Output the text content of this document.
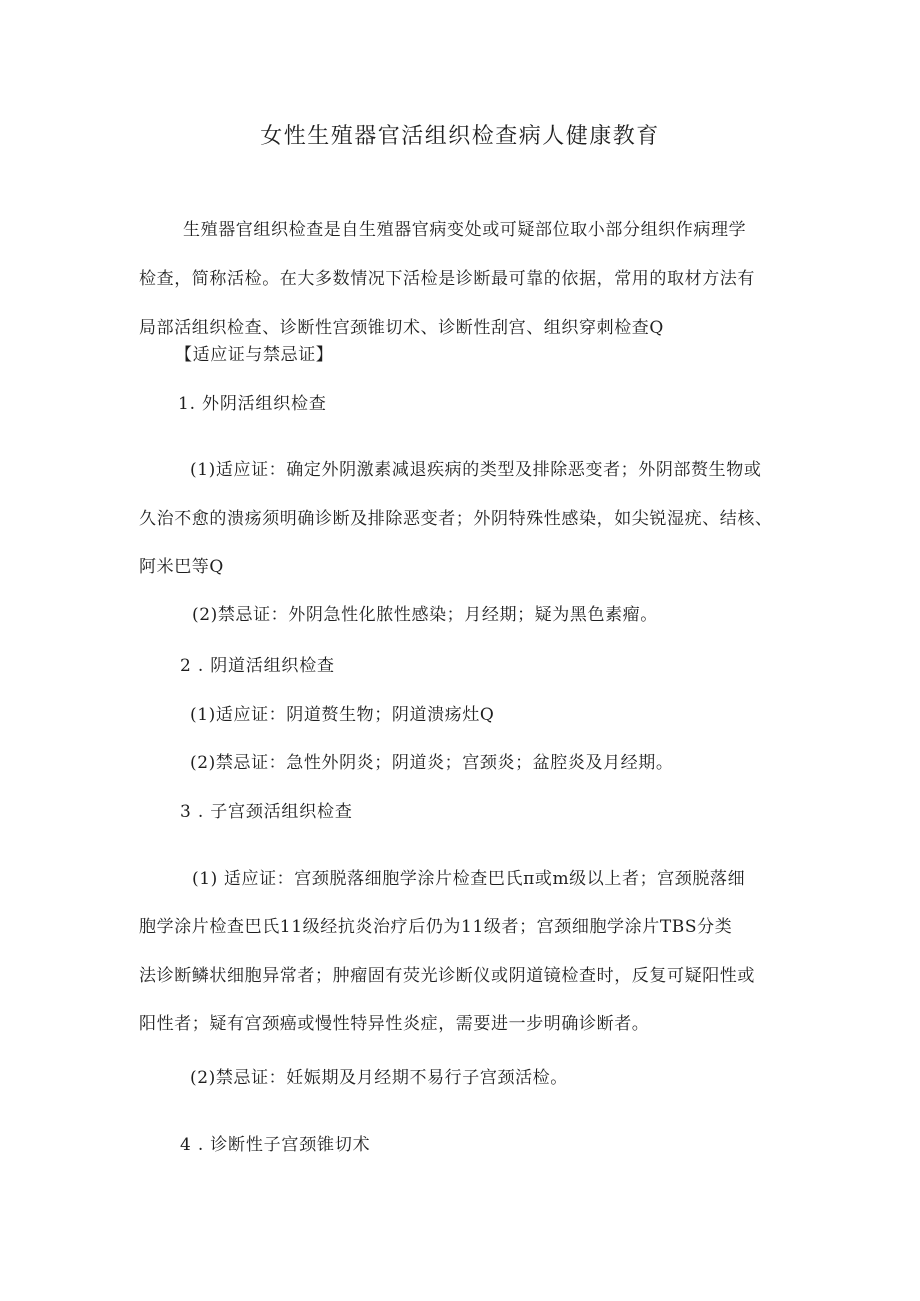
女性生殖器官活组织检查病人健康教育

生殖器官组织检查是自生殖器官病变处或可疑部位取小部分组织作病理学

检查，简称活检。在大多数情况下活检是诊断最可靠的依据，常用的取材方法有

局部活组织检查、诊断性宫颈锥切术、诊断性刮宫、组织穿刺检查Q

【适应证与禁忌证】

1. 外阴活组织检查

(1)适应证：确定外阴激素减退疾病的类型及排除恶变者；外阴部赘生物或

久治不愈的溃疡须明确诊断及排除恶变者；外阴特殊性感染，如尖锐湿疣、结核、

阿米巴等Q

(2)禁忌证：外阴急性化脓性感染；月经期；疑为黑色素瘤。

2 . 阴道活组织检查

(1)适应证：阴道赘生物；阴道溃疡灶Q

(2)禁忌证：急性外阴炎；阴道炎；宫颈炎；盆腔炎及月经期。

3 . 子宫颈活组织检查

(1) 适应证：宫颈脱落细胞学涂片检查巴氏π或m级以上者；宫颈脱落细

胞学涂片检查巴氏11级经抗炎治疗后仍为11级者；宫颈细胞学涂片TBS分类

法诊断鳞状细胞异常者；肿瘤固有荧光诊断仪或阴道镜检查时，反复可疑阳性或

阳性者；疑有宫颈癌或慢性特异性炎症，需要进一步明确诊断者。

(2)禁忌证：妊娠期及月经期不易行子宫颈活检。

4 . 诊断性子宫颈锥切术
